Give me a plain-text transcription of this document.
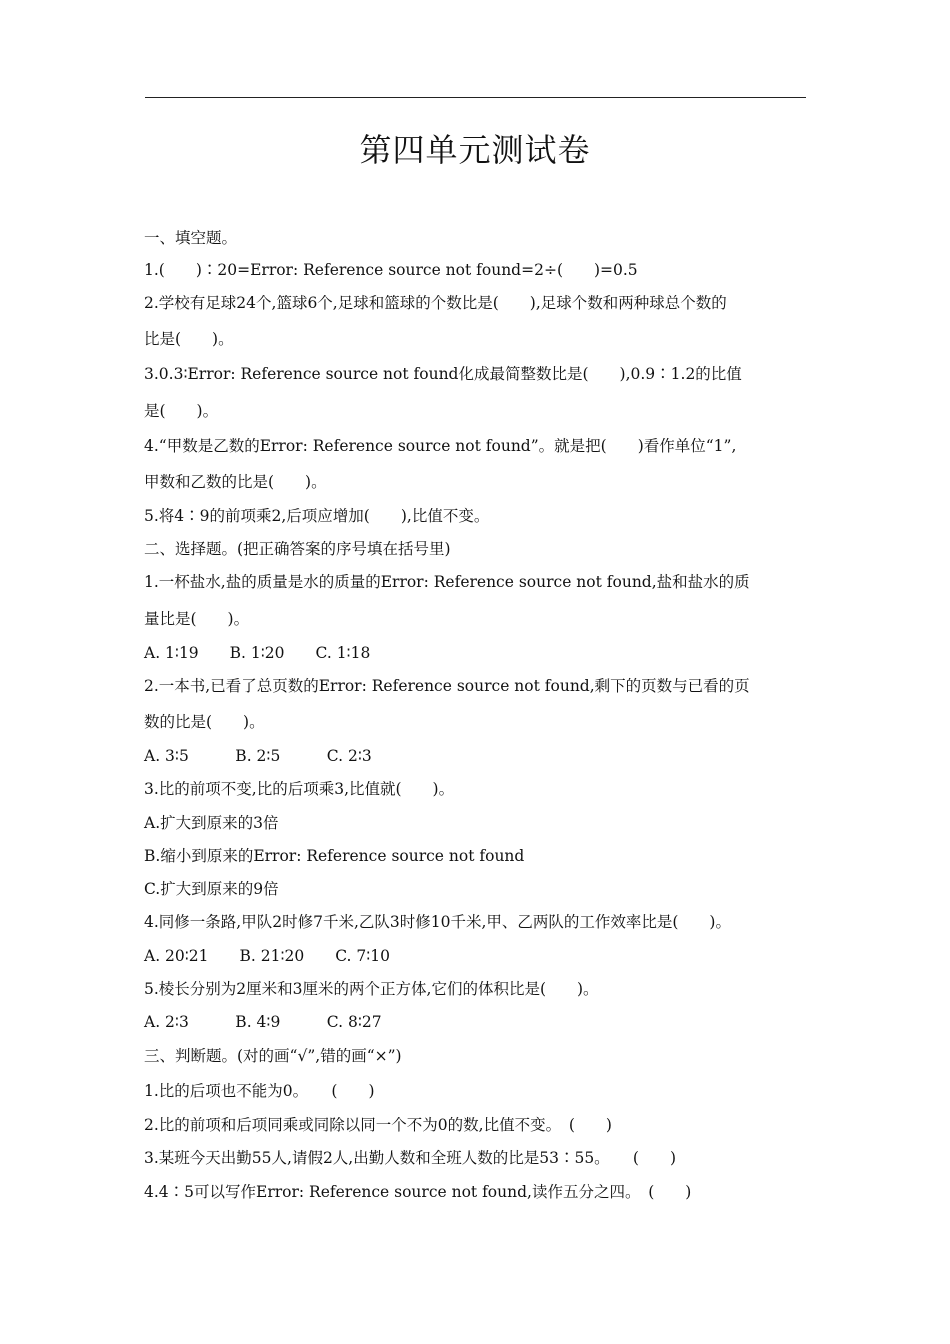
第四单元测试卷
一、填空题。
1.(　　)∶20=Error: Reference source not found=2÷(　　)=0.5
2.学校有足球24个,篮球6个,足球和篮球的个数比是(　　),足球个数和两种球总个数的
比是(　　)。
3.0.3∶Error: Reference source not found化成最简整数比是(　　),0.9∶1.2的比值
是(　　)。
4.“甲数是乙数的Error: Reference source not found”。就是把(　　)看作单位“1”,
甲数和乙数的比是(　　)。
5.将4∶9的前项乘2,后项应增加(　　),比值不变。
二、选择题。(把正确答案的序号填在括号里)
1.一杯盐水,盐的质量是水的质量的Error: Reference source not found,盐和盐水的质
量比是(　　)。
A. 1∶19　　B. 1∶20　　C. 1∶18
2.一本书,已看了总页数的Error: Reference source not found,剩下的页数与已看的页
数的比是(　　)。
A. 3∶5　　　B. 2∶5　　　C. 2∶3
3.比的前项不变,比的后项乘3,比值就(　　)。
A.扩大到原来的3倍
B.缩小到原来的Error: Reference source not found
C.扩大到原来的9倍
4.同修一条路,甲队2时修7千米,乙队3时修10千米,甲、乙两队的工作效率比是(　　)。
A. 20∶21　　B. 21∶20　　C. 7∶10
5.棱长分别为2厘米和3厘米的两个正方体,它们的体积比是(　　)。
A. 2∶3　　　B. 4∶9　　　C. 8∶27
三、判断题。(对的画“√”,错的画“×”)
1.比的后项也不能为0。　　(　　)
2.比的前项和后项同乘或同除以同一个不为0的数,比值不变。　(　　)
3.某班今天出勤55人,请假2人,出勤人数和全班人数的比是53∶55。　　(　　)
4.4∶5可以写作Error: Reference source not found,读作五分之四。　(　　)
